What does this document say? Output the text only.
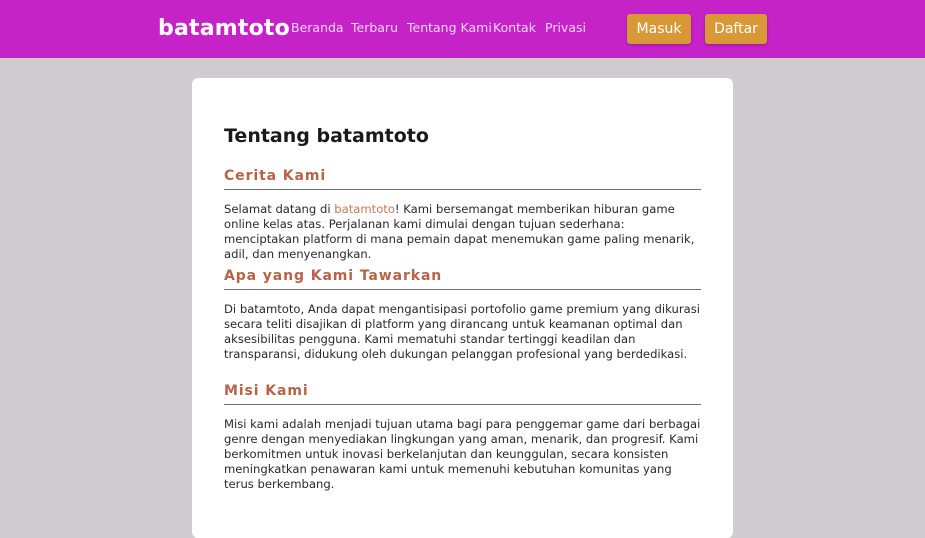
batamtoto Beranda Terbaru Tentang Kami Kontak Privasi	Masuk	Daftar
Tentang batamtoto
Cerita Kami

Selamat datang di batamtoto! Kami bersemangat memberikan hiburan game online kelas atas. Perjalanan kami dimulai dengan tujuan sederhana: menciptakan platform di mana pemain dapat menemukan game paling menarik, adil, dan menyenangkan.

Apa yang Kami Tawarkan

Di batamtoto, Anda dapat mengantisipasi portofolio game premium yang dikurasi secara teliti disajikan di platform yang dirancang untuk keamanan optimal dan aksesibilitas pengguna. Kami mematuhi standar tertinggi keadilan dan transparansi, didukung oleh dukungan pelanggan profesional yang berdedikasi.

Misi Kami

Misi kami adalah menjadi tujuan utama bagi para penggemar game dari berbagai genre dengan menyediakan lingkungan yang aman, menarik, dan progresif. Kami berkomitmen untuk inovasi berkelanjutan dan keunggulan, secara konsisten meningkatkan penawaran kami untuk memenuhi kebutuhan komunitas yang terus berkembang.
